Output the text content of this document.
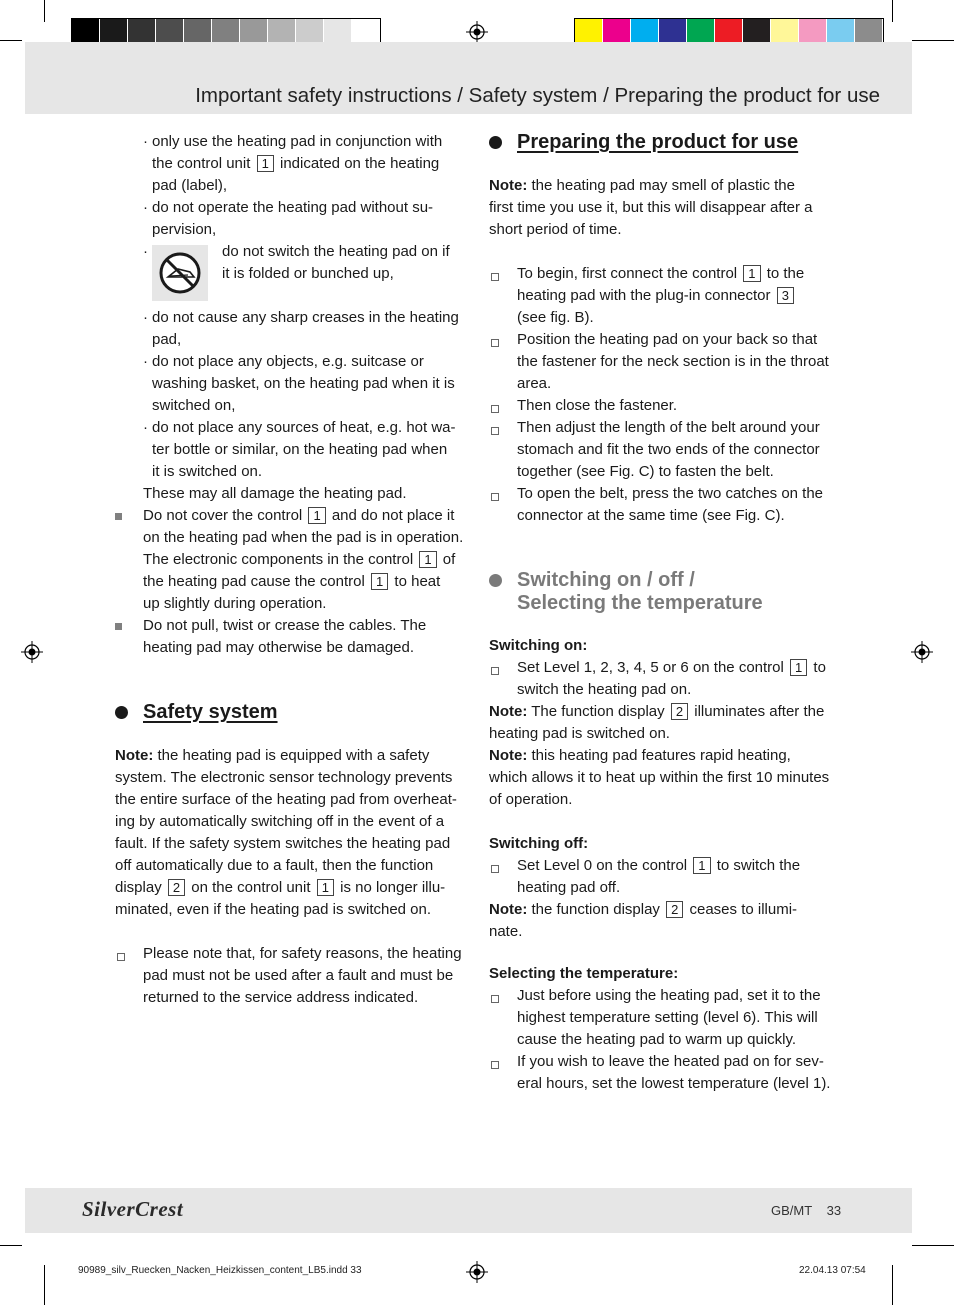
Important safety instructions / Safety system / Preparing the product for use

· only use the heating pad in conjunction with
the control unit 1 indicated on the heating
pad (label),

· do not operate the heating pad without su-
pervision,

· do not switch the heating pad on if
it is folded or bunched up,

· do not cause any sharp creases in the heating
pad,

· do not place any objects, e.g. suitcase or
washing basket, on the heating pad when it is
switched on,

· do not place any sources of heat, e.g. hot wa-
ter bottle or similar, on the heating pad when
it is switched on.

These may all damage the heating pad.

Do not cover the control 1 and do not place it
on the heating pad when the pad is in operation.
The electronic components in the control 1 of
the heating pad cause the control 1 to heat
up slightly during operation.

Do not pull, twist or crease the cables. The
heating pad may otherwise be damaged.

Safety system

Note: the heating pad is equipped with a safety
system. The electronic sensor technology prevents
the entire surface of the heating pad from overheat-
ing by automatically switching off in the event of a
fault. If the safety system switches the heating pad
off automatically due to a fault, then the function
display 2 on the control unit 1 is no longer illu-
minated, even if the heating pad is switched on.

Please note that, for safety reasons, the heating
pad must not be used after a fault and must be
returned to the service address indicated.

Preparing the product for use

Note: the heating pad may smell of plastic the
first time you use it, but this will disappear after a
short period of time.

To begin, first connect the control 1 to the
heating pad with the plug-in connector 3
(see fig. B).

Position the heating pad on your back so that
the fastener for the neck section is in the throat
area.

Then close the fastener.

Then adjust the length of the belt around your
stomach and fit the two ends of the connector
together (see Fig. C) to fasten the belt.

To open the belt, press the two catches on the
connector at the same time (see Fig. C).

Switching on / off /
Selecting the temperature

Switching on:

Set Level 1, 2, 3, 4, 5 or 6 on the control 1 to
switch the heating pad on.

Note: The function display 2 illuminates after the
heating pad is switched on.

Note: this heating pad features rapid heating,
which allows it to heat up within the first 10 minutes
of operation.

Switching off:

Set Level 0 on the control 1 to switch the
heating pad off.

Note: the function display 2 ceases to illumi-
nate.

Selecting the temperature:

Just before using the heating pad, set it to the
highest temperature setting (level 6). This will
cause the heating pad to warm up quickly.

If you wish to leave the heated pad on for sev-
eral hours, set the lowest temperature (level 1).

SilverCrest	GB/MT 33
90989_silv_Ruecken_Nacken_Heizkissen_content_LB5.indd 33	22.04.13 07:54
